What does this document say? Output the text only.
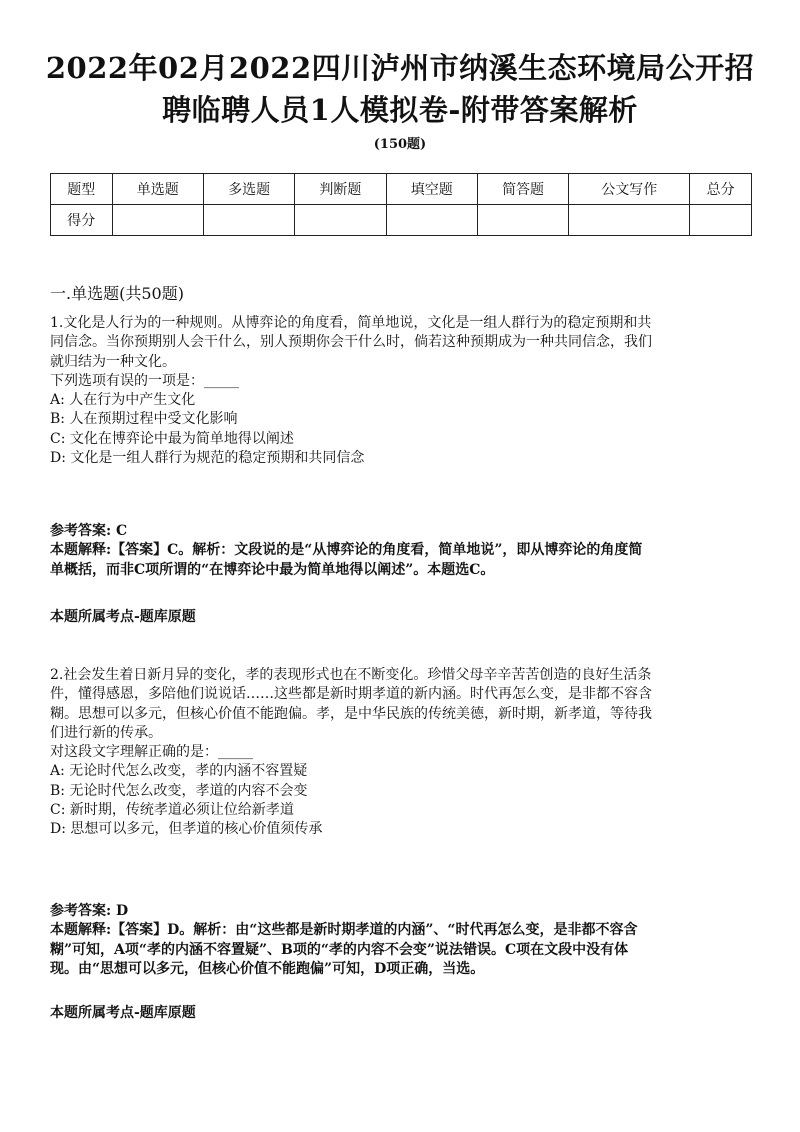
2022年02月2022四川泸州市纳溪生态环境局公开招
聘临聘人员1人模拟卷-附带答案解析
(150题)
题型	单选题	多选题	判断题	填空题	简答题	公文写作	总分
得分							
一.单选题(共50题)

1.文化是人行为的一种规则。从博弈论的角度看，简单地说，文化是一组人群行为的稳定预期和共

同信念。当你预期别人会干什么，别人预期你会干什么时，倘若这种预期成为一种共同信念，我们

就归结为一种文化。

下列选项有误的一项是：_____

A: 人在行为中产生文化

B: 人在预期过程中受文化影响

C: 文化在博弈论中最为简单地得以阐述

D: 文化是一组人群行为规范的稳定预期和共同信念

参考答案: C

本题解释:【答案】C。解析：文段说的是“从博弈论的角度看，简单地说”，即从博弈论的角度简

单概括，而非C项所谓的“在博弈论中最为简单地得以阐述”。本题选C。

本题所属考点-题库原题

2.社会发生着日新月异的变化，孝的表现形式也在不断变化。珍惜父母辛辛苦苦创造的良好生活条

件，懂得感恩，多陪他们说说话……这些都是新时期孝道的新内涵。时代再怎么变，是非都不容含

糊。思想可以多元，但核心价值不能跑偏。孝，是中华民族的传统美德，新时期，新孝道，等待我

们进行新的传承。

对这段文字理解正确的是：_____

A: 无论时代怎么改变，孝的内涵不容置疑

B: 无论时代怎么改变，孝道的内容不会变

C: 新时期，传统孝道必须让位给新孝道

D: 思想可以多元，但孝道的核心价值须传承

参考答案: D

本题解释:【答案】D。解析：由“这些都是新时期孝道的内涵”、“时代再怎么变，是非都不容含

糊”可知，A项“孝的内涵不容置疑”、B项的“孝的内容不会变”说法错误。C项在文段中没有体

现。由“思想可以多元，但核心价值不能跑偏”可知，D项正确，当选。

本题所属考点-题库原题
